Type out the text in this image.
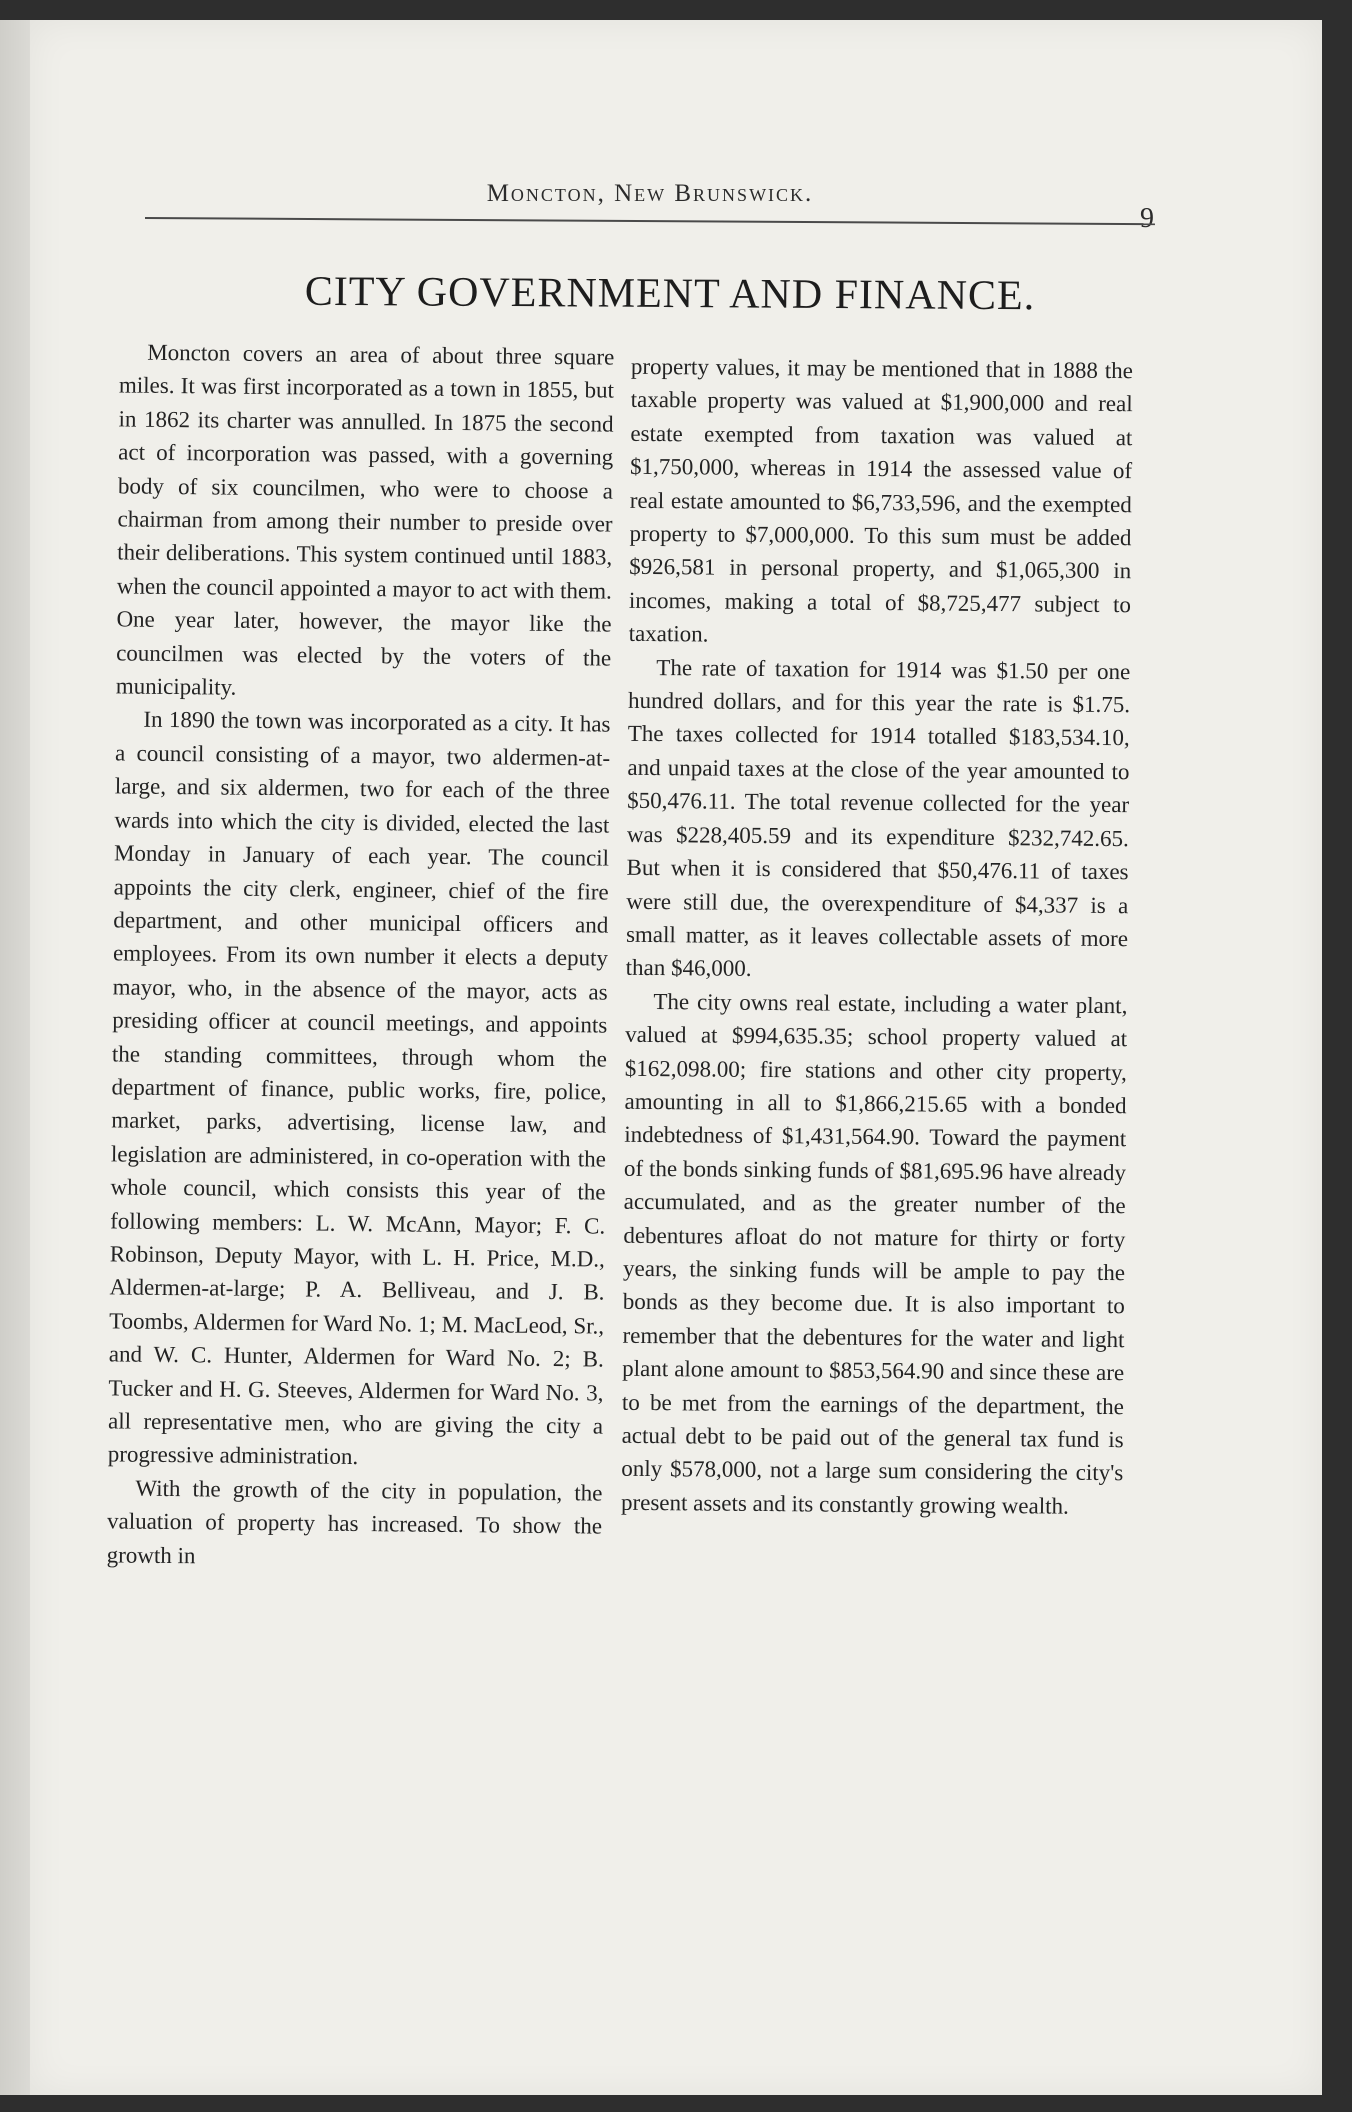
Moncton, New Brunswick.
9
CITY GOVERNMENT AND FINANCE.

Moncton covers an area of about three square miles. It was first incorporated as a town in 1855, but in 1862 its charter was annulled. In 1875 the second act of incorporation was passed, with a governing body of six councilmen, who were to choose a chairman from among their number to preside over their deliberations. This system continued until 1883, when the council appointed a mayor to act with them. One year later, however, the mayor like the councilmen was elected by the voters of the municipality.

In 1890 the town was incorporated as a city. It has a council consisting of a mayor, two aldermen-at-large, and six aldermen, two for each of the three wards into which the city is divided, elected the last Monday in January of each year. The council appoints the city clerk, engineer, chief of the fire department, and other municipal officers and employees. From its own number it elects a deputy mayor, who, in the absence of the mayor, acts as presiding officer at council meetings, and appoints the standing committees, through whom the department of finance, public works, fire, police, market, parks, advertising, license law, and legislation are administered, in co-operation with the whole council, which consists this year of the following members: L. W. McAnn, Mayor; F. C. Robinson, Deputy Mayor, with L. H. Price, M.D., Aldermen-at-large; P. A. Belliveau, and J. B. Toombs, Aldermen for Ward No. 1; M. MacLeod, Sr., and W. C. Hunter, Aldermen for Ward No. 2; B. Tucker and H. G. Steeves, Aldermen for Ward No. 3, all representative men, who are giving the city a progressive administration.

With the growth of the city in population, the valuation of property has increased. To show the growth in

property values, it may be mentioned that in 1888 the taxable property was valued at $1,900,000 and real estate exempted from taxation was valued at $1,750,000, whereas in 1914 the assessed value of real estate amounted to $6,733,596, and the exempted property to $7,000,000. To this sum must be added $926,581 in personal property, and $1,065,300 in incomes, making a total of $8,725,477 subject to taxation.

The rate of taxation for 1914 was $1.50 per one hundred dollars, and for this year the rate is $1.75. The taxes collected for 1914 totalled $183,534.10, and unpaid taxes at the close of the year amounted to $50,476.11. The total revenue collected for the year was $228,405.59 and its expenditure $232,742.65. But when it is considered that $50,476.11 of taxes were still due, the overexpenditure of $4,337 is a small matter, as it leaves collectable assets of more than $46,000.

The city owns real estate, including a water plant, valued at $994,635.35; school property valued at $162,098.00; fire stations and other city property, amounting in all to $1,866,215.65 with a bonded indebtedness of $1,431,564.90. Toward the payment of the bonds sinking funds of $81,695.96 have already accumulated, and as the greater number of the debentures afloat do not mature for thirty or forty years, the sinking funds will be ample to pay the bonds as they become due. It is also important to remember that the debentures for the water and light plant alone amount to $853,564.90 and since these are to be met from the earnings of the department, the actual debt to be paid out of the general tax fund is only $578,000, not a large sum considering the city's present assets and its constantly growing wealth.
